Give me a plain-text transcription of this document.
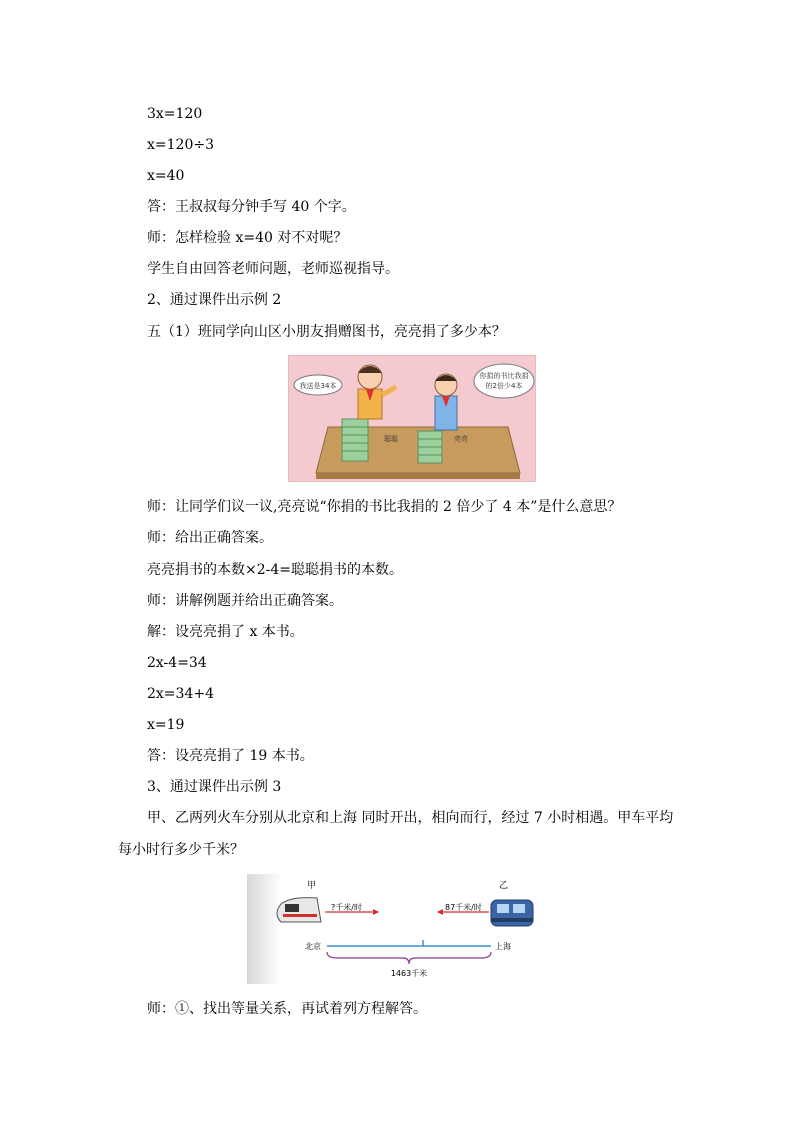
3x=120
x=120÷3
x=40
答：王叔叔每分钟手写 40 个字。
师：怎样检验 x=40 对不对呢？
学生自由回答老师问题，老师巡视指导。
2、通过课件出示例 2
五（1）班同学向山区小朋友捐赠图书，亮亮捐了多少本？
我送是34本
你捐的书比我捐
的2倍少4本
聪聪	亮亮
师：让同学们议一议,亮亮说“你捐的书比我捐的 2 倍少了 4 本”是什么意思？
师：给出正确答案。
亮亮捐书的本数×2-4=聪聪捐书的本数。
师：讲解例题并给出正确答案。
解：设亮亮捐了 x 本书。
2x-4=34
2x=34+4
x=19
答：设亮亮捐了 19 本书。
3、通过课件出示例 3
甲、乙两列火车分别从北京和上海 同时开出，相向而行，经过 7 小时相遇。甲车平均
每小时行多少千米？
甲	乙
?千米/时	87千米/时
北京	上海
1463千米
师：①、找出等量关系，再试着列方程解答。
